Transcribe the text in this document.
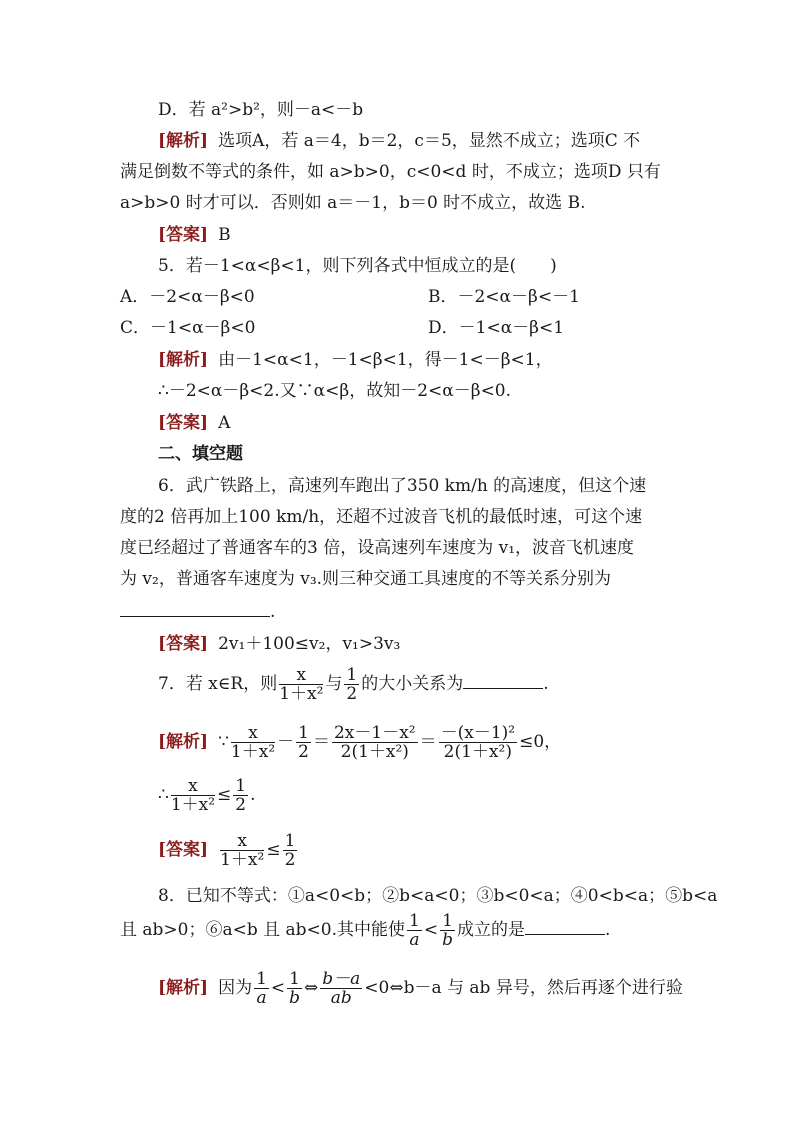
D．若 a²>b²，则－a<－b
[解析] 选项A，若 a＝4，b＝2，c＝5，显然不成立；选项C 不
满足倒数不等式的条件，如 a>b>0，c<0<d 时，不成立；选项D 只有
a>b>0 时才可以．否则如 a＝－1，b＝0 时不成立，故选 B.
[答案] B
5．若－1<α<β<1，则下列各式中恒成立的是(　　)
A．－2<α－β<0	B．－2<α－β<－1
C．－1<α－β<0	D．－1<α－β<1
[解析] 由－1<α<1，－1<β<1，得－1<－β<1，
∴－2<α－β<2.又∵α<β，故知－2<α－β<0.
[答案] A
二、填空题
6．武广铁路上，高速列车跑出了350 km/h 的高速度，但这个速
度的2 倍再加上100 km/h，还超不过波音飞机的最低时速，可这个速
度已经超过了普通客车的3 倍，设高速列车速度为 v₁，波音飞机速度
为 v₂，普通客车速度为 v₃.则三种交通工具速度的不等关系分别为
.
[答案] 2v₁＋100≤v₂，v₁>3v₃
7．若 x∈R，则 $\frac{x}{\text{1＋x²}}$ 与 $\frac{1}{2}$ 的大小关系为	.
[解析] ∵ $\frac{x}{\text{1＋x²}} - \frac{1}{2} = \frac{\text{2x－1－x²}}{\text{2(1＋x²)}} = \frac{\text{－(x－1)²}}{\text{2(1＋x²)}} \le 0$，
∴ $\frac{x}{\text{1＋x²}} \le \frac{1}{2}$ .
[答案] $\frac{x}{\text{1＋x²}} \le \frac{1}{2}$
8．已知不等式：①a<0<b；②b<a<0；③b<0<a；④0<b<a；⑤b<a
且 ab>0；⑥a<b 且 ab<0.其中能使 $\frac{1}{a} < \frac{1}{b}$ 成立的是	.
[解析] 因为 $\frac{1}{a} < \frac{1}{b}$ ⇔ $\frac{b-a}{ab}$ <0⇔b－a 与 ab 异号，然后再逐个进行验
